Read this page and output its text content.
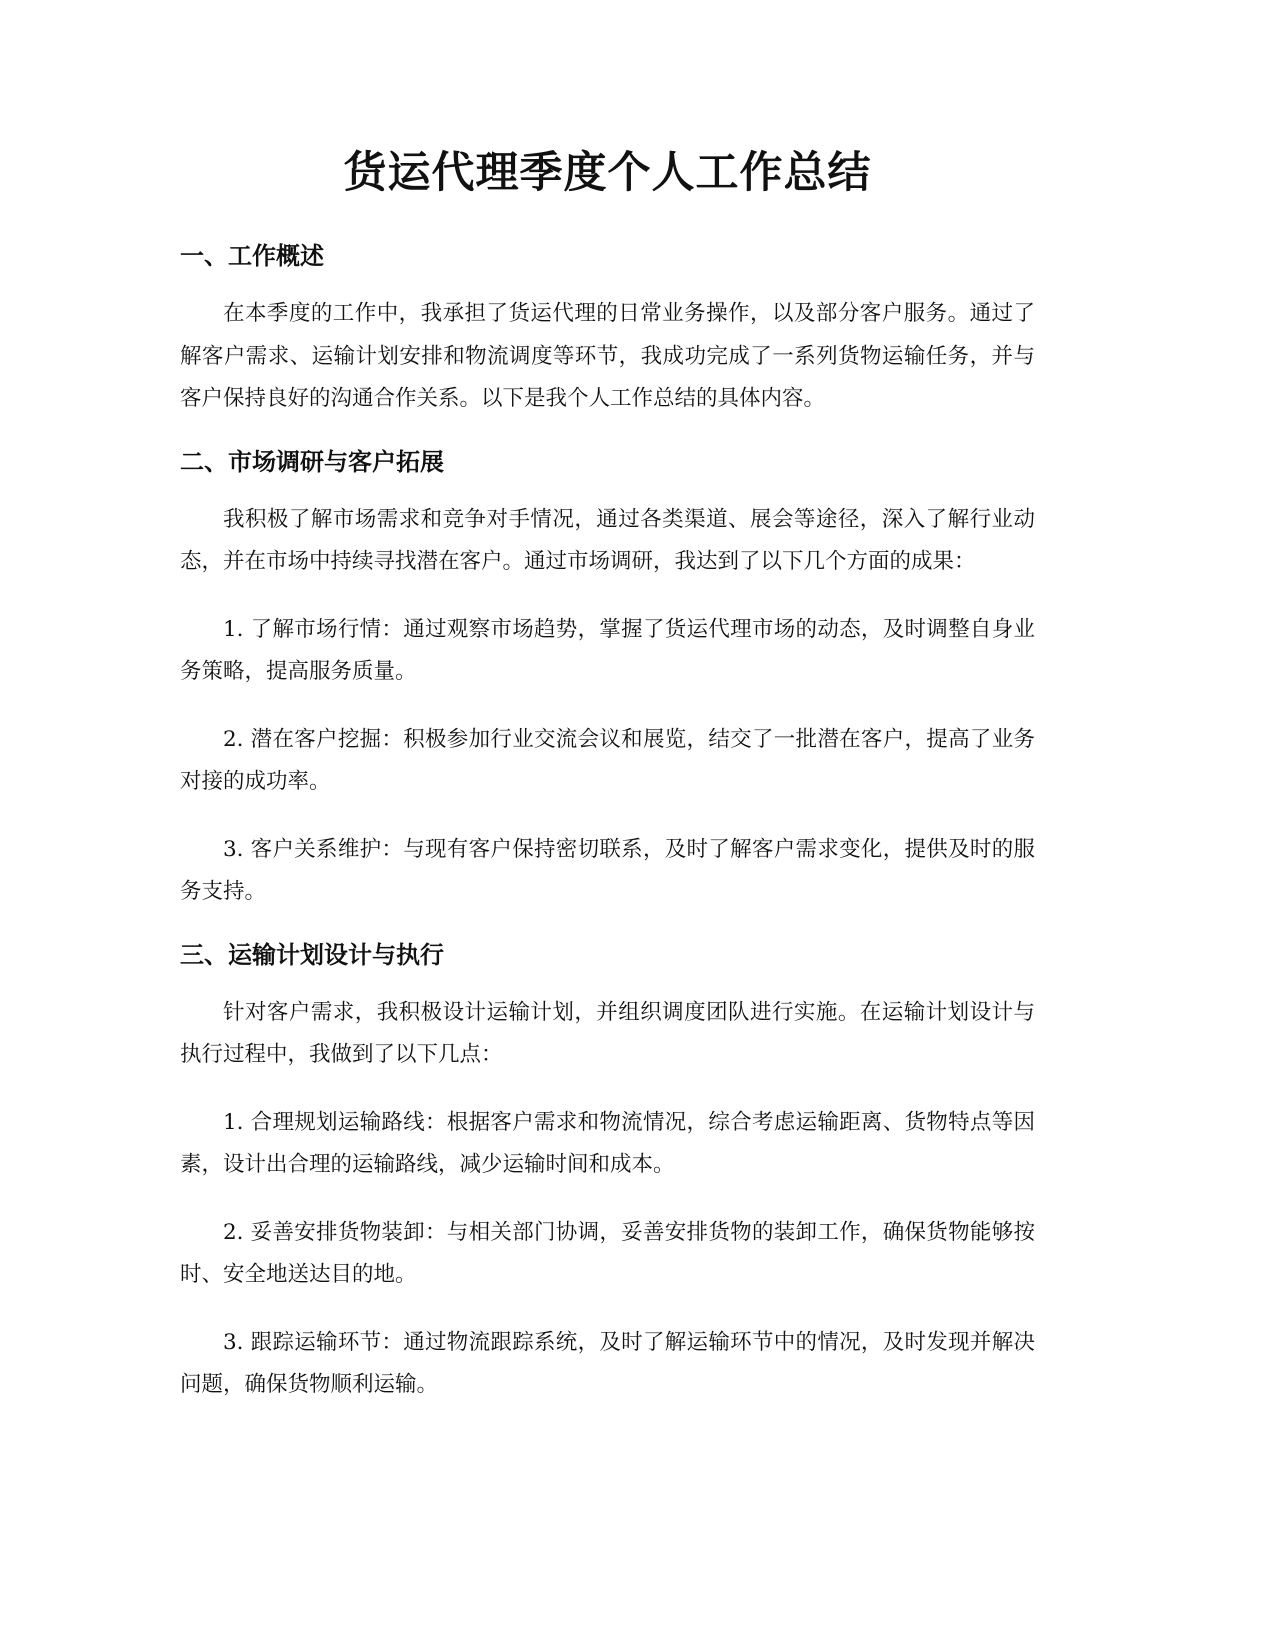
货运代理季度个人工作总结
一、工作概述

在本季度的工作中，我承担了货运代理的日常业务操作，以及部分客户服务。通过了解客户需求、运输计划安排和物流调度等环节，我成功完成了一系列货物运输任务，并与客户保持良好的沟通合作关系。以下是我个人工作总结的具体内容。

二、市场调研与客户拓展

我积极了解市场需求和竞争对手情况，通过各类渠道、展会等途径，深入了解行业动态，并在市场中持续寻找潜在客户。通过市场调研，我达到了以下几个方面的成果：

1. 了解市场行情：通过观察市场趋势，掌握了货运代理市场的动态，及时调整自身业务策略，提高服务质量。

2. 潜在客户挖掘：积极参加行业交流会议和展览，结交了一批潜在客户，提高了业务对接的成功率。

3. 客户关系维护：与现有客户保持密切联系，及时了解客户需求变化，提供及时的服务支持。

三、运输计划设计与执行

针对客户需求，我积极设计运输计划，并组织调度团队进行实施。在运输计划设计与执行过程中，我做到了以下几点：

1. 合理规划运输路线：根据客户需求和物流情况，综合考虑运输距离、货物特点等因素，设计出合理的运输路线，减少运输时间和成本。

2. 妥善安排货物装卸：与相关部门协调，妥善安排货物的装卸工作，确保货物能够按时、安全地送达目的地。

3. 跟踪运输环节：通过物流跟踪系统，及时了解运输环节中的情况，及时发现并解决问题，确保货物顺利运输。
